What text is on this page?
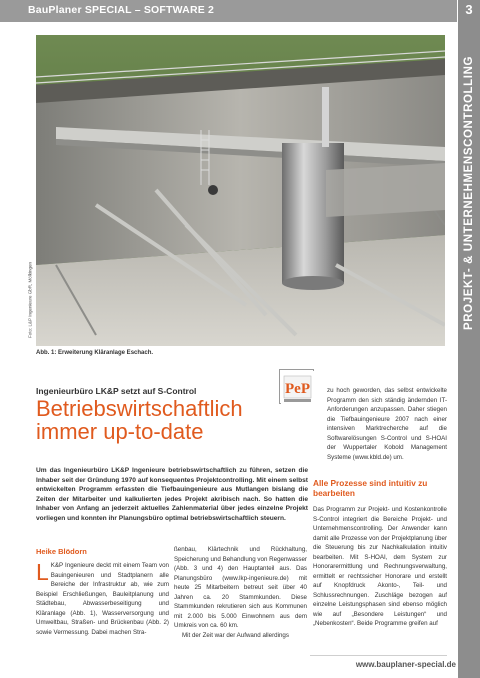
BauPlaner SPECIAL – SOFTWARE 2	3
PROJEKT- & UNTERNEHMENSCONTROLLING
Foto: L&P Ingenieure GbR, Mölkingen
Abb. 1: Erweiterung Kläranlage Eschach.
Ingenieurbüro LK&P setzt auf S-Control
Betriebswirtschaftlich immer up-to-date
PeP
Um das Ingenieurbüro LK&P Ingenieure betriebswirtschaftlich zu führen, setzen die Inhaber seit der Gründung 1970 auf konsequentes Projektcontrolling. Mit einem selbst entwickelten Programm erfassten die Tiefbauingenieure aus Mutlangen bislang die Zeiten der Mitarbeiter und kalkulierten jedes Projekt akribisch nach. So hatten die Inhaber von Anfang an jederzeit aktuelles Zahlenmaterial über jedes einzelne Projekt vorliegen und konnten ihr Planungsbüro optimal betriebswirtschaftlich steuern.
Heike Blödorn
L K&P Ingenieure deckt mit einem Team von Bauingenieuren und Stadtplanern alle Bereiche der Infrastruktur ab, wie zum Beispiel Erschließungen, Bauleitplanung und Städtebau, Abwasserbeseitigung und Kläranlage (Abb. 1), Wasserversorgung und Umweltbau, Straßen- und Brückenbau (Abb. 2) sowie Vermessung. Dabei machen Stra-

ßenbau, Klärtechnik und Rückhaltung, Speicherung und Behandlung von Regenwasser (Abb. 3 und 4) den Hauptanteil aus. Das Planungsbüro (www.lkp-ingenieure.de) mit heute 25 Mitarbeitern betreut seit über 40 Jahren ca. 20 Stammkunden. Diese Stammkunden rekrutieren sich aus Kommunen mit 2.000 bis 5.000 Einwohnern aus dem Umkreis von ca. 60 km.

Mit der Zeit war der Aufwand allerdings

zu hoch geworden, das selbst entwickelte Programm den sich ständig ändernden IT-Anforderungen anzupassen. Daher stiegen die Tiefbauingenieure 2007 nach einer intensiven Marktrecherche auf die Softwarelösungen S-Control und S-HOAI der Wuppertaler Kobold Management Systeme (www.kbld.de) um.
Alle Prozesse sind intuitiv zu bearbeiten
Das Programm zur Projekt- und Kostenkontrolle S-Control integriert die Bereiche Projekt- und Unternehmenscontrolling. Der Anwender kann damit alle Prozesse von der Projektplanung über die Steuerung bis zur Nachkalkulation intuitiv bearbeiten. Mit S-HOAI, dem System zur Honorarermittlung und Rechnungsverwaltung, ermittelt er rechtssicher Honorare und erstellt auf Knopfdruck Akonto-, Teil- und Schlussrechnungen. Zuschläge bezogen auf einzelne Leistungsphasen sind ebenso möglich wie auf „Besondere Leistungen“ und „Nebenkosten“. Beide Programme greifen auf
www.bauplaner-special.de
